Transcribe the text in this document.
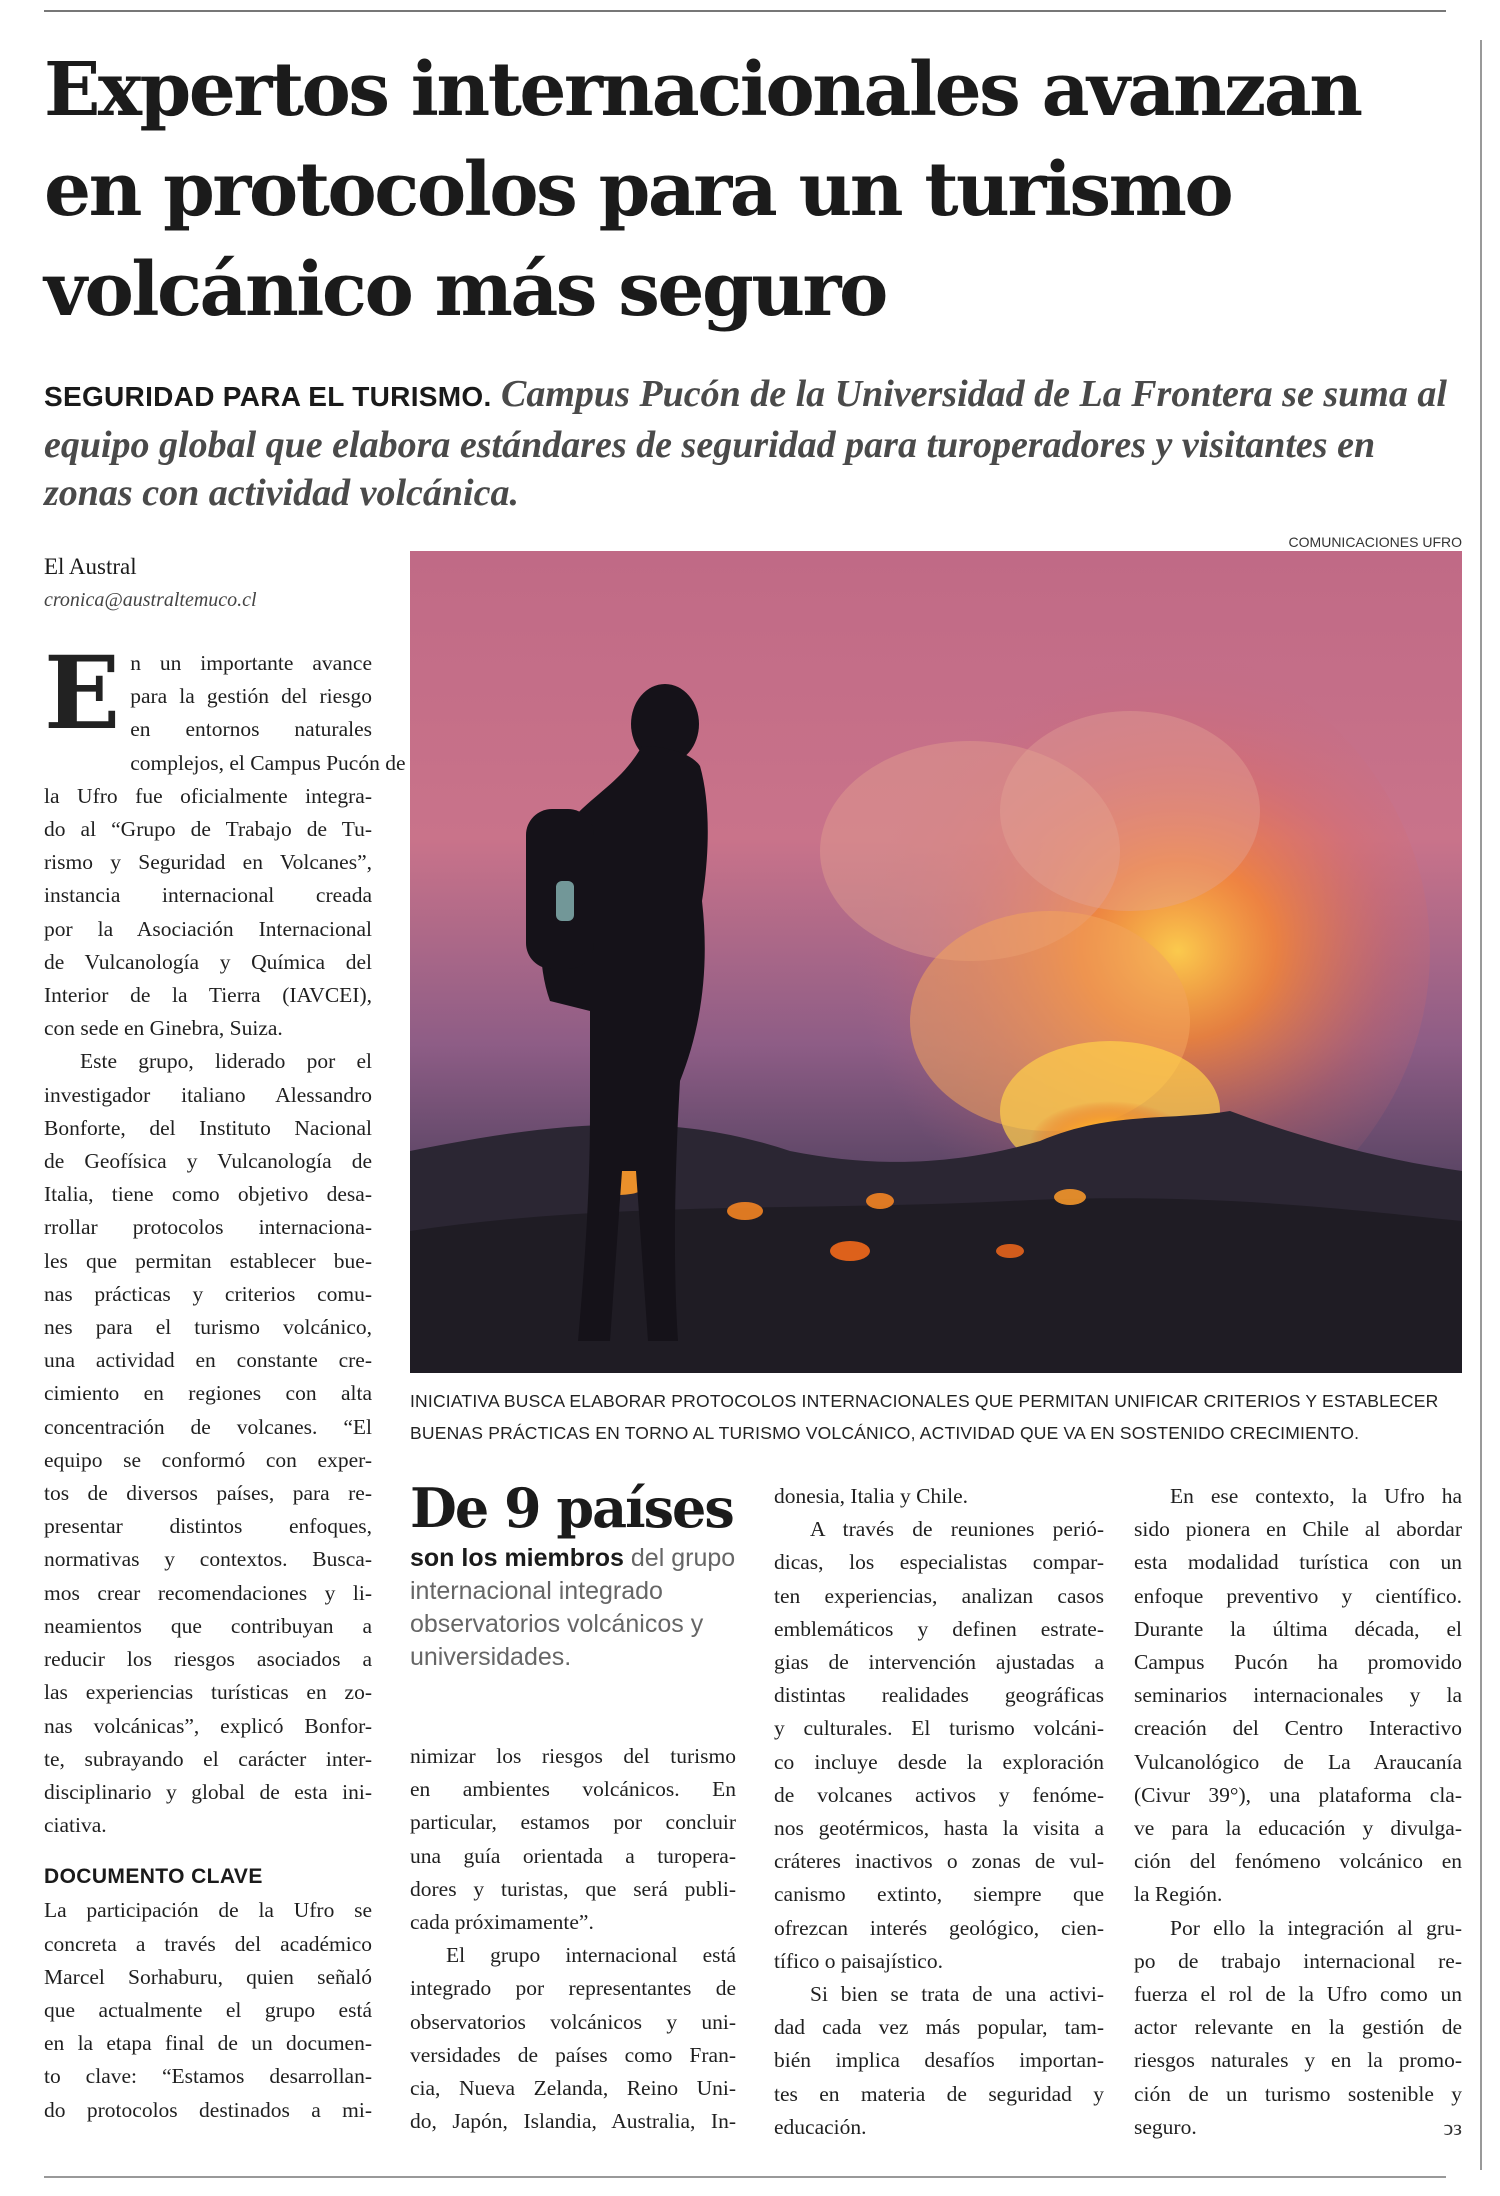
Expertos internacionales avanzan en protocolos para un turismo volcánico más seguro

SEGURIDAD PARA EL TURISMO. Campus Pucón de la Universidad de La Frontera se suma al equipo global que elabora estándares de seguridad para turoperadores y visitantes en zonas con actividad volcánica.

El Austral
cronica@australtemuco.cl
COMUNICACIONES UFRO

INICIATIVA BUSCA ELABORAR PROTOCOLOS INTERNACIONALES QUE PERMITAN UNIFICAR CRITERIOS Y ESTABLECER
BUENAS PRÁCTICAS EN TORNO AL TURISMO VOLCÁNICO, ACTIVIDAD QUE VA EN SOSTENIDO CRECIMIENTO.

E n un importante avance
para la gestión del riesgo
en entornos naturales
complejos, el Campus Pucón de
la Ufro fue oficialmente integra-
do al “Grupo de Trabajo de Tu-
rismo y Seguridad en Volcanes”,
instancia internacional creada
por la Asociación Internacional
de Vulcanología y Química del
Interior de la Tierra (IAVCEI),
con sede en Ginebra, Suiza.
Este grupo, liderado por el
investigador italiano Alessandro
Bonforte, del Instituto Nacional
de Geofísica y Vulcanología de
Italia, tiene como objetivo desa-
rrollar protocolos internaciona-
les que permitan establecer bue-
nas prácticas y criterios comu-
nes para el turismo volcánico,
una actividad en constante cre-
cimiento en regiones con alta
concentración de volcanes. “El
equipo se conformó con exper-
tos de diversos países, para re-
presentar distintos enfoques,
normativas y contextos. Busca-
mos crear recomendaciones y li-
neamientos que contribuyan a
reducir los riesgos asociados a
las experiencias turísticas en zo-
nas volcánicas”, explicó Bonfor-
te, subrayando el carácter inter-
disciplinario y global de esta ini-
ciativa.
DOCUMENTO CLAVE
La participación de la Ufro se
concreta a través del académico
Marcel Sorhaburu, quien señaló
que actualmente el grupo está
en la etapa final de un documen-
to clave: “Estamos desarrollan-
do protocolos destinados a mi-
De 9 países
son los miembros del grupo internacional integrado observatorios volcánicos y universidades.
nimizar los riesgos del turismo
en ambientes volcánicos. En
particular, estamos por concluir
una guía orientada a turopera-
dores y turistas, que será publi-
cada próximamente”.
El grupo internacional está
integrado por representantes de
observatorios volcánicos y uni-
versidades de países como Fran-
cia, Nueva Zelanda, Reino Uni-
do, Japón, Islandia, Australia, In-
donesia, Italia y Chile.
A través de reuniones perió-
dicas, los especialistas compar-
ten experiencias, analizan casos
emblemáticos y definen estrate-
gias de intervención ajustadas a
distintas realidades geográficas
y culturales. El turismo volcáni-
co incluye desde la exploración
de volcanes activos y fenóme-
nos geotérmicos, hasta la visita a
cráteres inactivos o zonas de vul-
canismo extinto, siempre que
ofrezcan interés geológico, cien-
tífico o paisajístico.
Si bien se trata de una activi-
dad cada vez más popular, tam-
bién implica desafíos importan-
tes en materia de seguridad y
educación.
En ese contexto, la Ufro ha
sido pionera en Chile al abordar
esta modalidad turística con un
enfoque preventivo y científico.
Durante la última década, el
Campus Pucón ha promovido
seminarios internacionales y la
creación del Centro Interactivo
Vulcanológico de La Araucanía
(Civur 39°), una plataforma cla-
ve para la educación y divulga-
ción del fenómeno volcánico en
la Región.
Por ello la integración al gru-
po de trabajo internacional re-
fuerza el rol de la Ufro como un
actor relevante en la gestión de
riesgos naturales y en la promo-
ción de un turismo sostenible y
seguro.	ↄз
